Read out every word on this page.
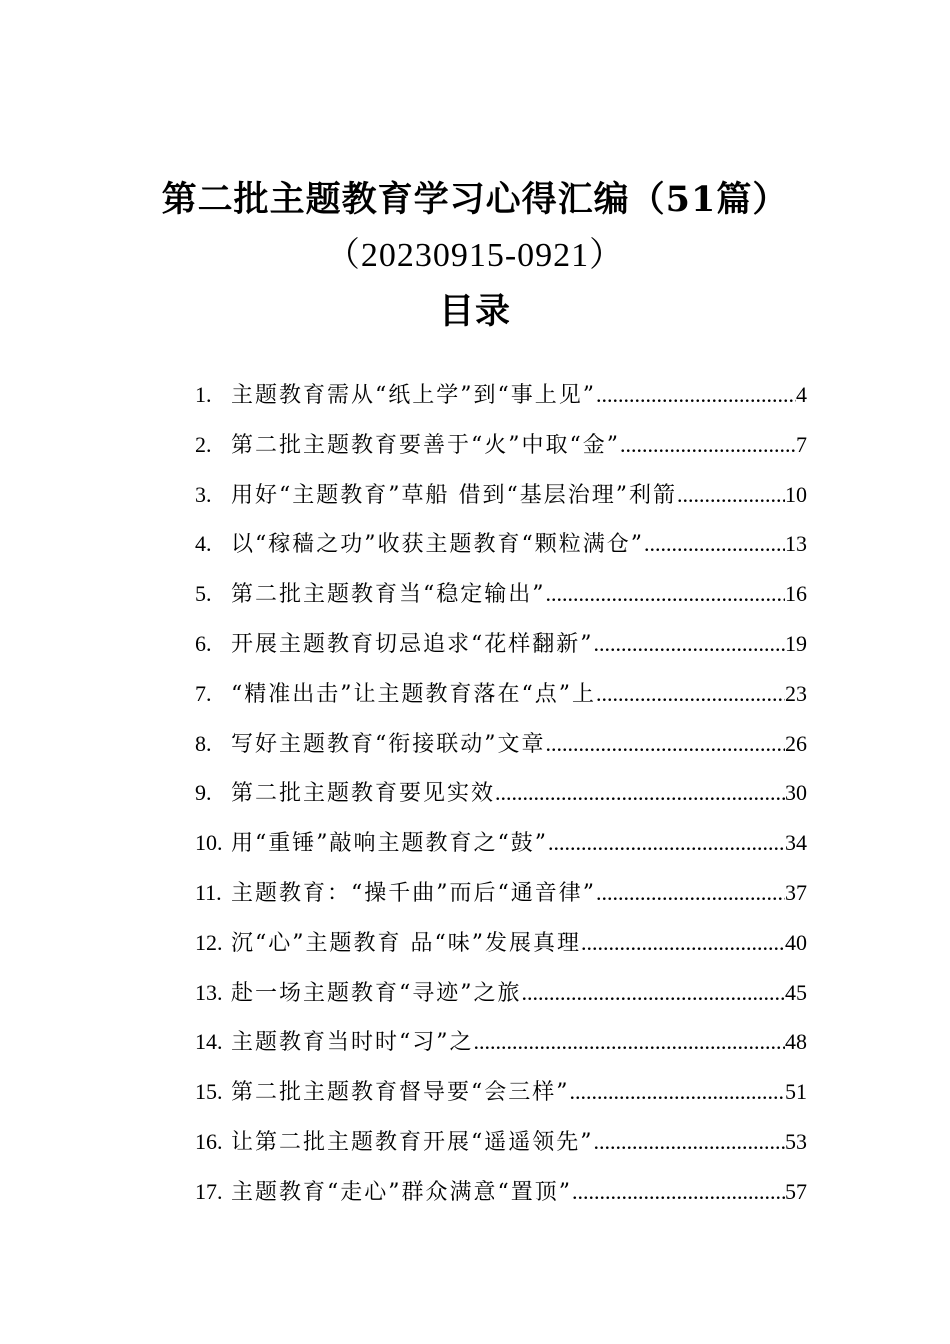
第二批主题教育学习心得汇编（51篇）
（20230915-0921）
目录
1. 主题教育需从“纸上学”到“事上见” .....	4
2. 第二批主题教育要善于“火”中取“金” .....	7
3. 用好“主题教育”草船 借到“基层治理”利箭 .....	10
4. 以“稼穑之功”收获主题教育“颗粒满仓” .....	13
5. 第二批主题教育当“稳定输出” .....	16
6. 开展主题教育切忌追求“花样翻新” .....	19
7. “精准出击”让主题教育落在“点”上 .....	23
8. 写好主题教育“衔接联动”文章 .....	26
9. 第二批主题教育要见实效 .....	30
10. 用“重锤”敲响主题教育之“鼓” .....	34
11. 主题教育：“操千曲”而后“通音律” .....	37
12. 沉“心”主题教育 品“味”发展真理 .....	40
13. 赴一场主题教育“寻迹”之旅 .....	45
14. 主题教育当时时“习”之 .....	48
15. 第二批主题教育督导要“会三样” .....	51
16. 让第二批主题教育开展“遥遥领先” .....	53
17. 主题教育“走心”群众满意“置顶” .....	57
